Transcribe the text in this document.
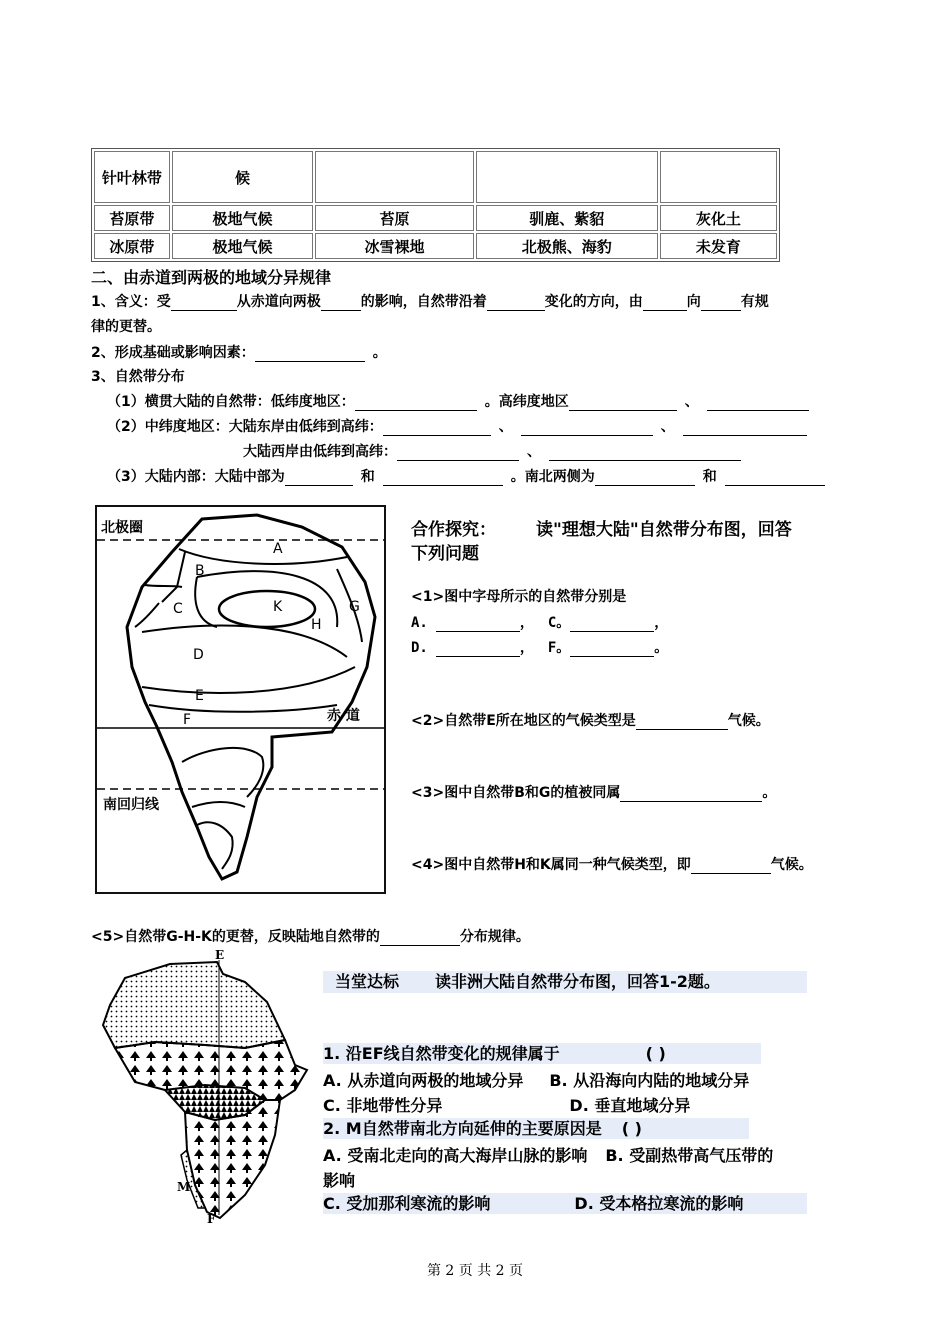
针叶林带	候			
苔原带	极地气候	苔原	驯鹿、紫貂	灰化土
冰原带	极地气候	冰雪裸地	北极熊、海豹	未发育
二、由赤道到两极的地域分异规律
1、含义：受	从赤道向两极	的影响，自然带沿着	变化的方向，由	向	有规
律的更替。
2、形成基础或影响因素：	。
3、自然带分布
（1）横贯大陆的自然带：低纬度地区：	。高纬度地区	、
（2）中纬度地区：大陆东岸由低纬到高纬：	、	、
大陆西岸由低纬到高纬：	、
（3）大陆内部：大陆中部为	和	。南北两侧为	和
北极圈
赤 道
南回归线
A
B
C	K
H
G
D
E
F
合作探究： 读"理想大陆"自然带分布图，回答
下列问题
<1>图中字母所示的自然带分别是
A.	， C。	，
D.	， F。	。
<2>自然带E所在地区的气候类型是	气候。
<3>图中自然带B和G的植被同属	。
<4>图中自然带H和K属同一种气候类型，即	气候。
<5>自然带G-H-K的更替，反映陆地自然带的	分布规律。
E
M
F
当堂达标 读非洲大陆自然带分布图，回答1-2题。
1. 沿EF线自然带变化的规律属于	( )
A. 从赤道向两极的地域分异 B. 从沿海向内陆的地域分异
C. 非地带性分异	D. 垂直地域分异
2. M自然带南北方向延伸的主要原因是 ( )
A. 受南北走向的高大海岸山脉的影响 B. 受副热带高气压带的
影响
C. 受加那利寒流的影响	D. 受本格拉寒流的影响
第 2 页 共 2 页
